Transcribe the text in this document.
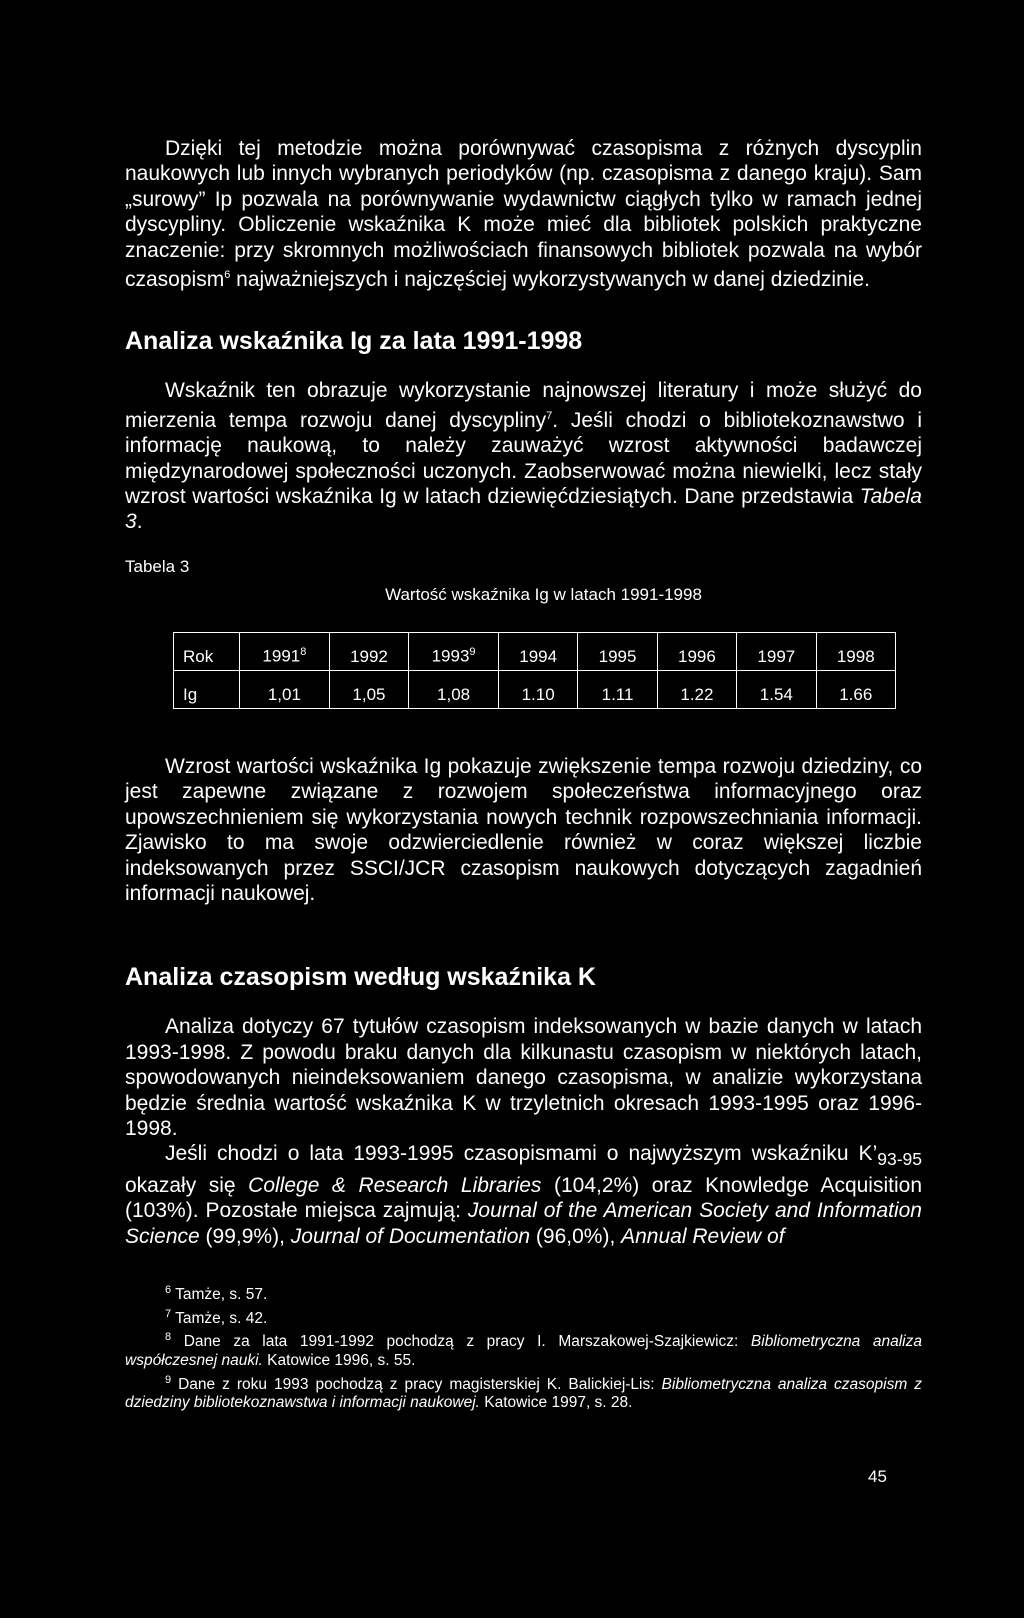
Dzięki tej metodzie można porównywać czasopisma z różnych dyscyplin naukowych lub innych wybranych periodyków (np. czasopisma z danego kraju). Sam „surowy” Ip pozwala na porównywanie wydawnictw ciągłych tylko w ramach jednej dyscypliny. Obliczenie wskaźnika K może mieć dla bibliotek polskich praktyczne znaczenie: przy skromnych możliwościach finansowych bibliotek pozwala na wybór czasopism$^6$ najważniejszych i najczęściej wykorzystywanych w danej dziedzinie.

Analiza wskaźnika Ig za lata 1991-1998

Wskaźnik ten obrazuje wykorzystanie najnowszej literatury i może służyć do mierzenia tempa rozwoju danej dyscypliny$^7$. Jeśli chodzi o bibliotekoznawstwo i informację naukową, to należy zauważyć wzrost aktywności badawczej międzynarodowej społeczności uczonych. Zaobserwować można niewielki, lecz stały wzrost wartości wskaźnika Ig w latach dziewięćdziesiątych. Dane przedstawia Tabela 3.

Tabela 3
Wartość wskaźnika Ig w latach 1991-1998
Rok	1991$^8$	1992	1993$^9$	1994	1995	1996	1997	1998
Ig	1,01	1,05	1,08	1.10	1.11	1.22	1.54	1.66

Wzrost wartości wskaźnika Ig pokazuje zwiększenie tempa rozwoju dziedziny, co jest zapewne związane z rozwojem społeczeństwa informacyjnego oraz upowszechnieniem się wykorzystania nowych technik rozpowszechniania informacji. Zjawisko to ma swoje odzwierciedlenie również w coraz większej liczbie indeksowanych przez SSCI/JCR czasopism naukowych dotyczących zagadnień informacji naukowej.

Analiza czasopism według wskaźnika K

Analiza dotyczy 67 tytułów czasopism indeksowanych w bazie danych w latach 1993-1998. Z powodu braku danych dla kilkunastu czasopism w niektórych latach, spowodowanych nieindeksowaniem danego czasopisma, w analizie wykorzystana będzie średnia wartość wskaźnika K w trzyletnich okresach 1993-1995 oraz 1996-1998.

Jeśli chodzi o lata 1993-1995 czasopismami o najwyższym wskaźniku $K’_{93-95}$ okazały się College & Research Libraries (104,2%) oraz Knowledge Acquisition (103%). Pozostałe miejsca zajmują: Journal of the American Society and Information Science (99,9%), Journal of Documentation (96,0%), Annual Review of

$^6$ Tamże, s. 57.
$^7$ Tamże, s. 42.
$^8$ Dane za lata 1991-1992 pochodzą z pracy I. Marszakowej-Szajkiewicz: Bibliometryczna analiza współczesnej nauki. Katowice 1996, s. 55.
$^9$ Dane z roku 1993 pochodzą z pracy magisterskiej K. Balickiej-Lis: Bibliometryczna analiza czasopism z dziedziny bibliotekoznawstwa i informacji naukowej. Katowice 1997, s. 28.
45
